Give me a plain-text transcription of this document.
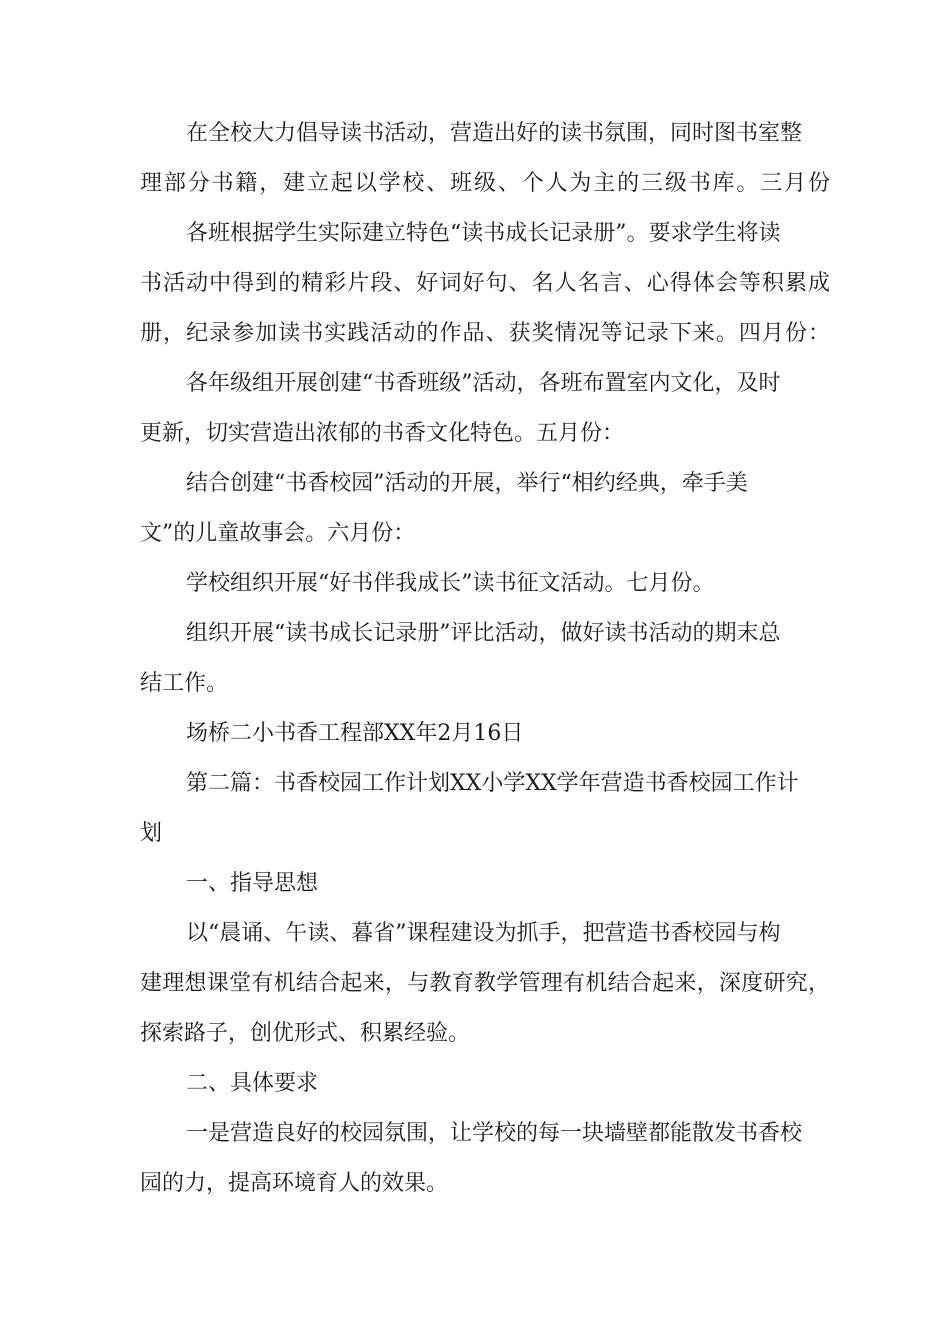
在全校大力倡导读书活动，营造出好的读书氛围，同时图书室整
理部分书籍，建立起以学校、班级、个人为主的三级书库。三月份
各班根据学生实际建立特色“读书成长记录册”。要求学生将读
书活动中得到的精彩片段、好词好句、名人名言、心得体会等积累成
册，纪录参加读书实践活动的作品、获奖情况等记录下来。四月份：
各年级组开展创建“书香班级”活动，各班布置室内文化，及时
更新，切实营造出浓郁的书香文化特色。五月份：
结合创建“书香校园”活动的开展，举行“相约经典，牵手美
文”的儿童故事会。六月份：
学校组织开展“好书伴我成长”读书征文活动。七月份。
组织开展“读书成长记录册”评比活动，做好读书活动的期末总
结工作。
场桥二小书香工程部XX年2月16日
第二篇：书香校园工作计划XX小学XX学年营造书香校园工作计
划
一、指导思想
以“晨诵、午读、暮省”课程建设为抓手，把营造书香校园与构
建理想课堂有机结合起来，与教育教学管理有机结合起来，深度研究，
探索路子，创优形式、积累经验。
二、具体要求
一是营造良好的校园氛围，让学校的每一块墙壁都能散发书香校
园的力，提高环境育人的效果。
